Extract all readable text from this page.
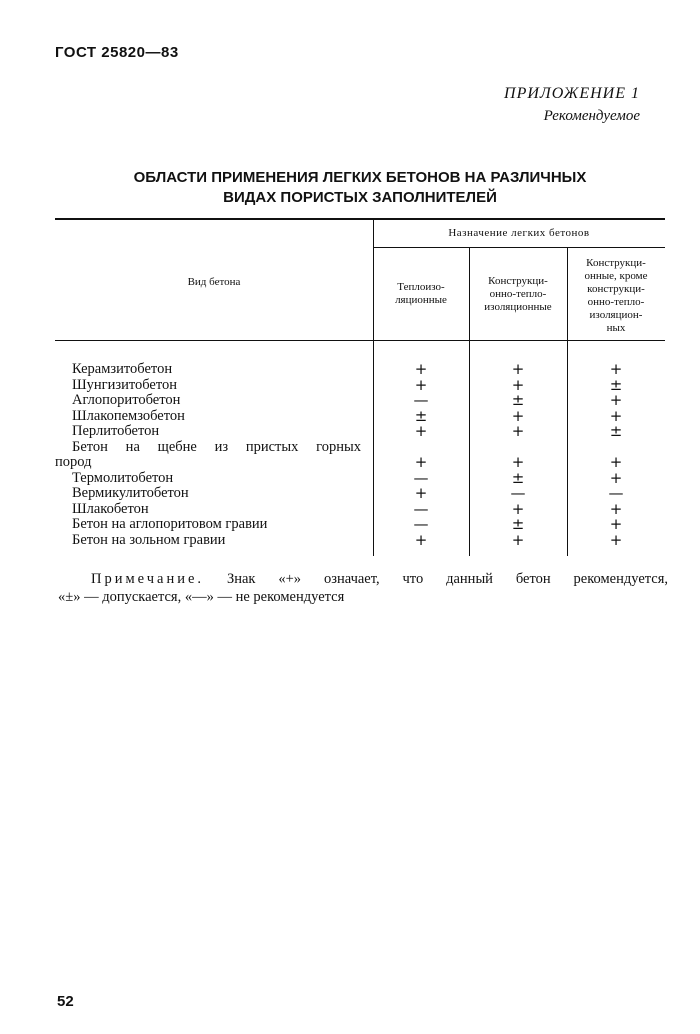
ГОСТ 25820—83
ПРИЛОЖЕНИЕ 1
Рекомендуемое
ОБЛАСТИ ПРИМЕНЕНИЯ ЛЕГКИХ БЕТОНОВ НА РАЗЛИЧНЫХ
ВИДАХ ПОРИСТЫХ ЗАПОЛНИТЕЛЕЙ
Вид бетона
Назначение легких бетонов
Теплоизо-
ляционные
Конструкци-
онно-тепло-
изоляционные
Конструкци-
онные, кроме
конструкци-
онно-тепло-
изоляцион-
ных
Керамзитобетон	+	+	+
Шунгизитобетон	+	+	±
Аглопоритобетон	—	±	+
Шлакопемзобетон	±	+	+
Перлитобетон	+	+	±
Бетон на щебне из пристых горных
пород	+	+	+
Термолитобетон	—	±	+
Вермикулитобетон	+	—	—
Шлакобетон	—	+	+
Бетон на аглопоритовом гравии	—	±	+
Бетон на зольном гравии	+	+	+
Примечание. Знак «+» означает, что данный бетон рекомендуется,
«±» — допускается, «—» — не рекомендуется
52
